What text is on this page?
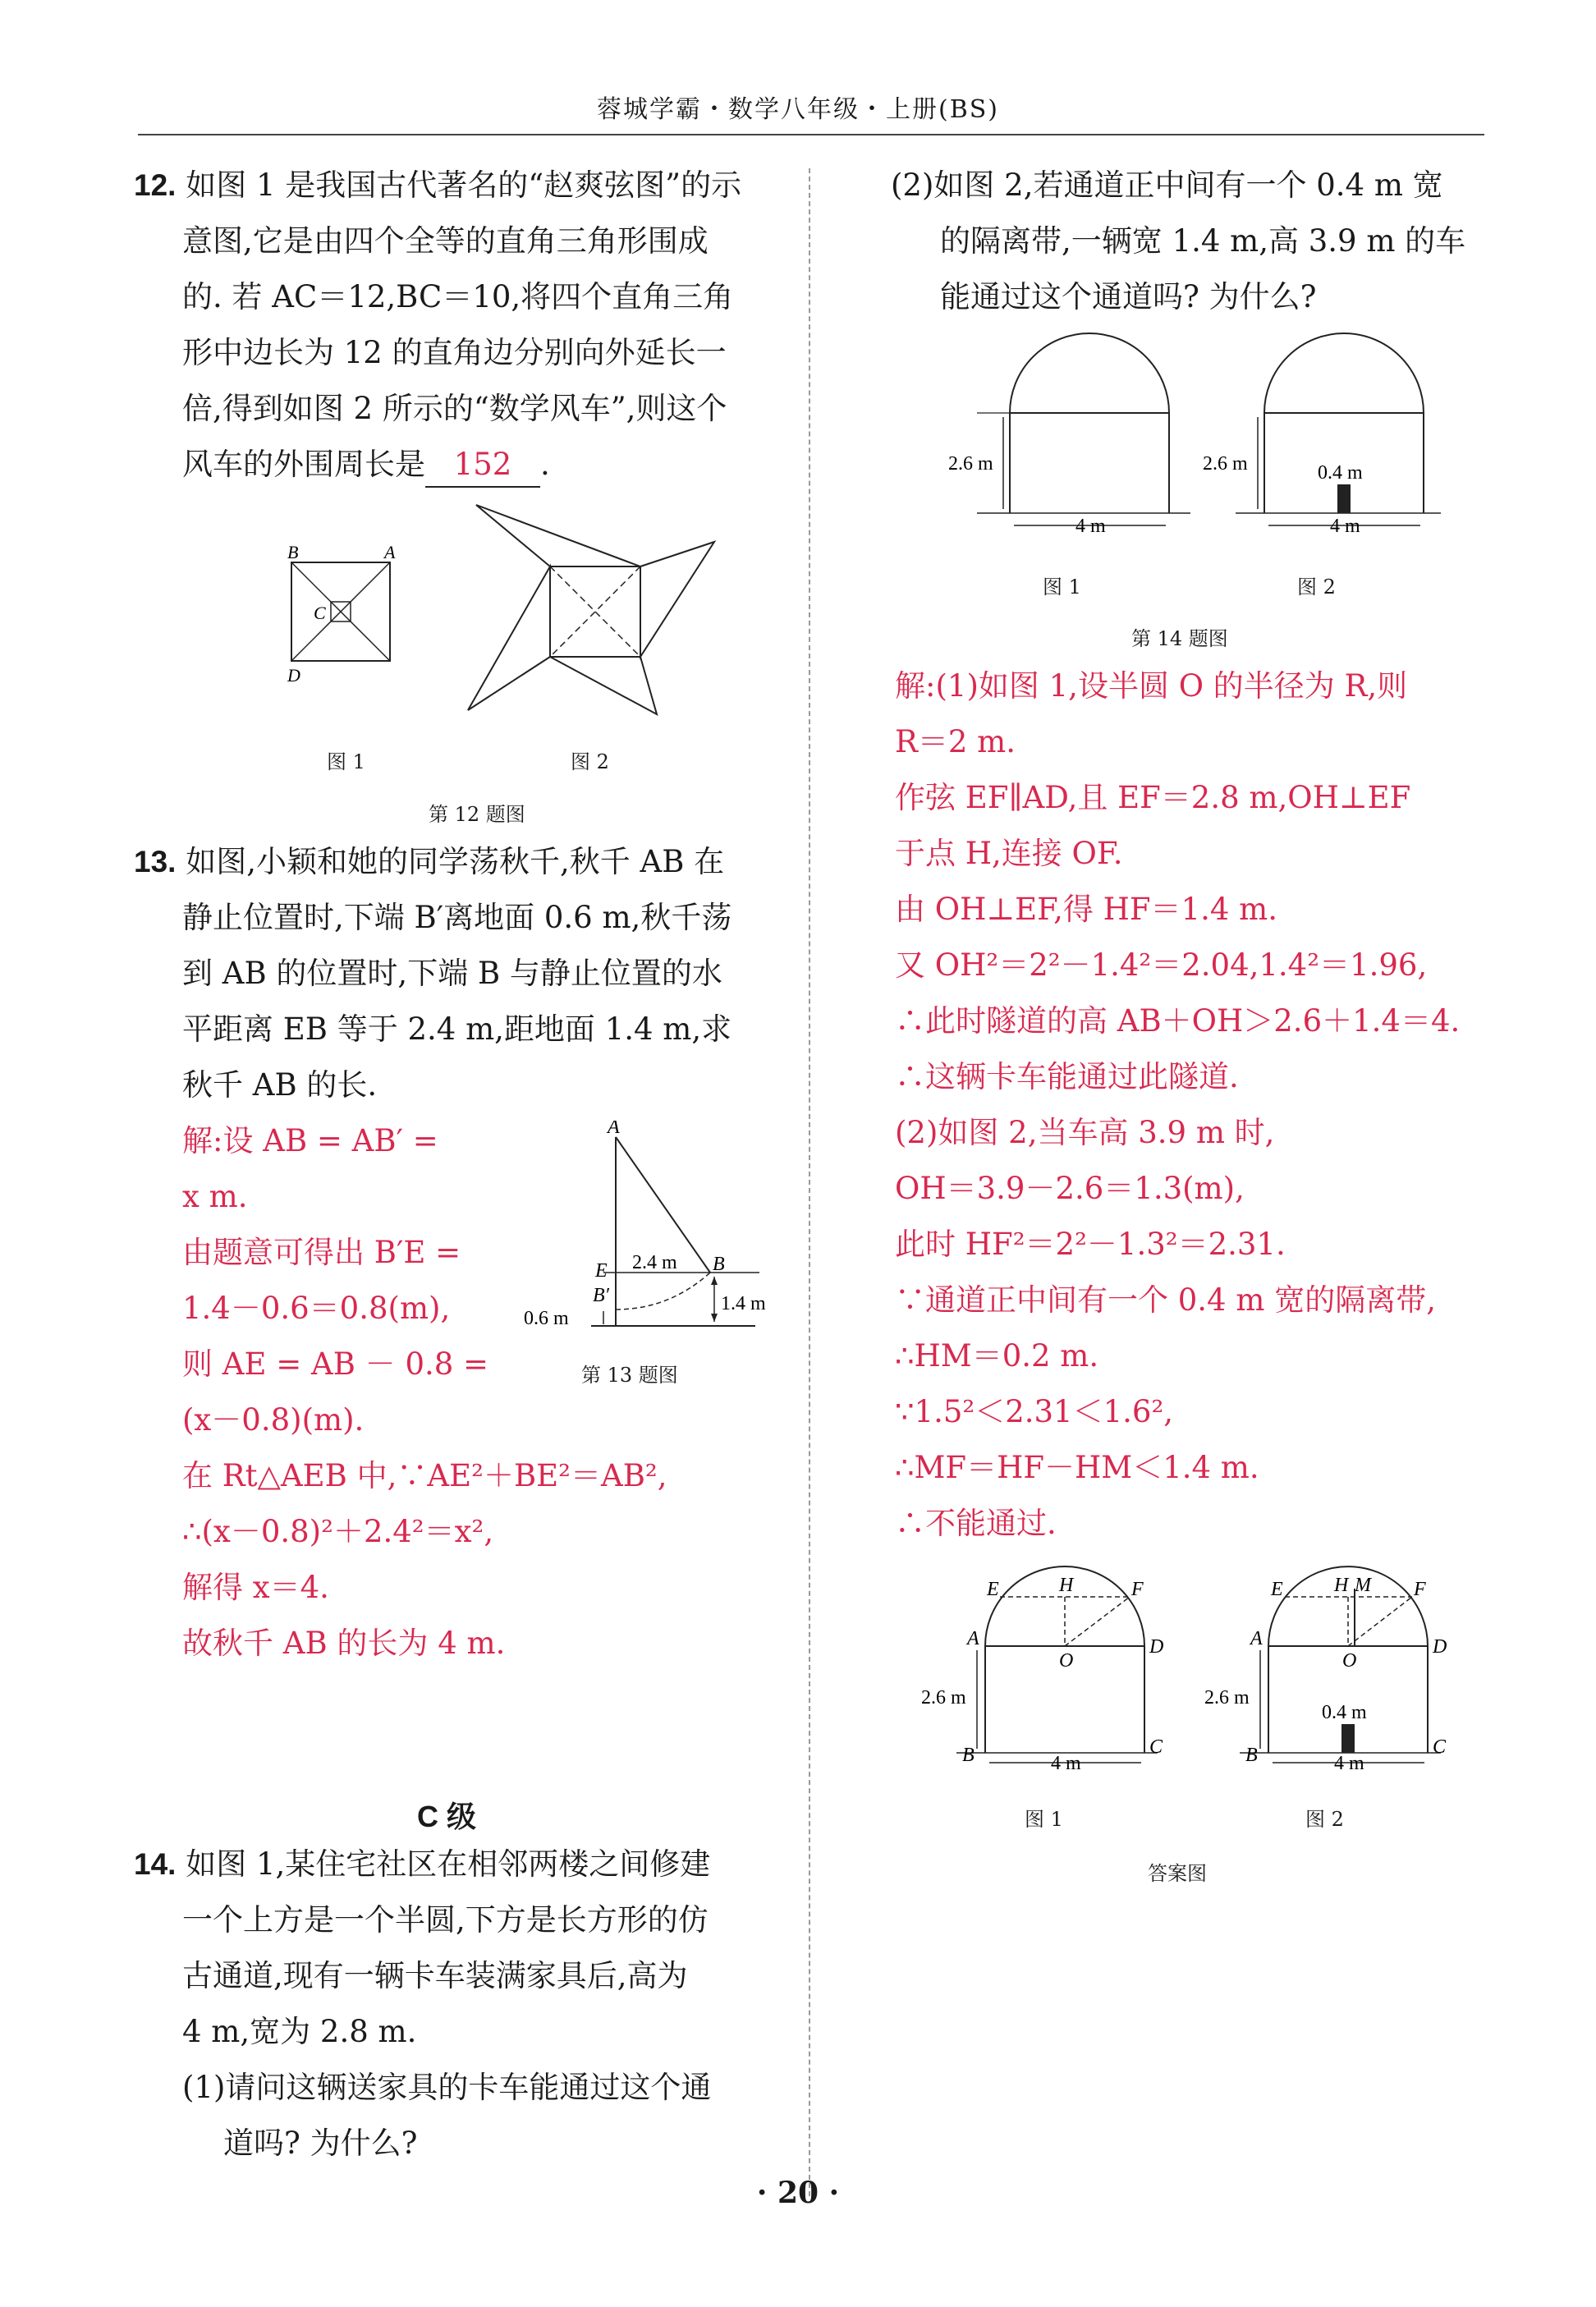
蓉城学霸・数学八年级・上册(BS)
12. 如图 1 是我国古代著名的“赵爽弦图”的示
意图,它是由四个全等的直角三角形围成
的. 若 AC＝12,BC＝10,将四个直角三角
形中边长为 12 的直角边分别向外延长一
倍,得到如图 2 所示的“数学风车”,则这个
风车的外围周长是 152 .
B	A
C
D
图 1	图 2
第 12 题图
13. 如图,小颖和她的同学荡秋千,秋千 AB 在
静止位置时,下端 B′离地面 0.6 m,秋千荡
到 AB 的位置时,下端 B 与静止位置的水
平距离 EB 等于 2.4 m,距地面 1.4 m,求
秋千 AB 的长.
解:设 AB = AB′ =
x m.
由题意可得出 B′E =
1.4－0.6＝0.8(m),
则 AE = AB － 0.8 =
(x－0.8)(m).
在 Rt△AEB 中,∵AE²＋BE²＝AB²,
∴(x－0.8)²＋2.4²＝x²,
解得 x＝4.
故秋千 AB 的长为 4 m.
A
E
B′
B
2.4 m
0.6 m
1.4 m
第 13 题图
C 级
14. 如图 1,某住宅社区在相邻两楼之间修建
一个上方是一个半圆,下方是长方形的仿
古通道,现有一辆卡车装满家具后,高为
4 m,宽为 2.8 m.
(1)请问这辆送家具的卡车能通过这个通
道吗? 为什么?
(2)如图 2,若通道正中间有一个 0.4 m 宽
的隔离带,一辆宽 1.4 m,高 3.9 m 的车
能通过这个通道吗? 为什么?
2.6 m
4 m
2.6 m	0.4 m
4 m
图 1	图 2
第 14 题图
解:(1)如图 1,设半圆 O 的半径为 R,则
R＝2 m.
作弦 EF∥AD,且 EF＝2.8 m,OH⊥EF
于点 H,连接 OF.
由 OH⊥EF,得 HF＝1.4 m.
又 OH²＝2²－1.4²＝2.04,1.4²＝1.96,
∴此时隧道的高 AB＋OH＞2.6＋1.4＝4.
∴这辆卡车能通过此隧道.
(2)如图 2,当车高 3.9 m 时,
OH＝3.9－2.6＝1.3(m),
此时 HF²＝2²－1.3²＝2.31.
∵通道正中间有一个 0.4 m 宽的隔离带,
∴HM＝0.2 m.
∵1.5²＜2.31＜1.6²,
∴MF＝HF－HM＜1.4 m.
∴不能通过.
2.6 m
4 m
E	H	F
A
O
D
B	C
2.6 m
0.4 m
4 m
E	H M F
A
O
D
B	C
图 1	图 2
答案图
· 20 ·
